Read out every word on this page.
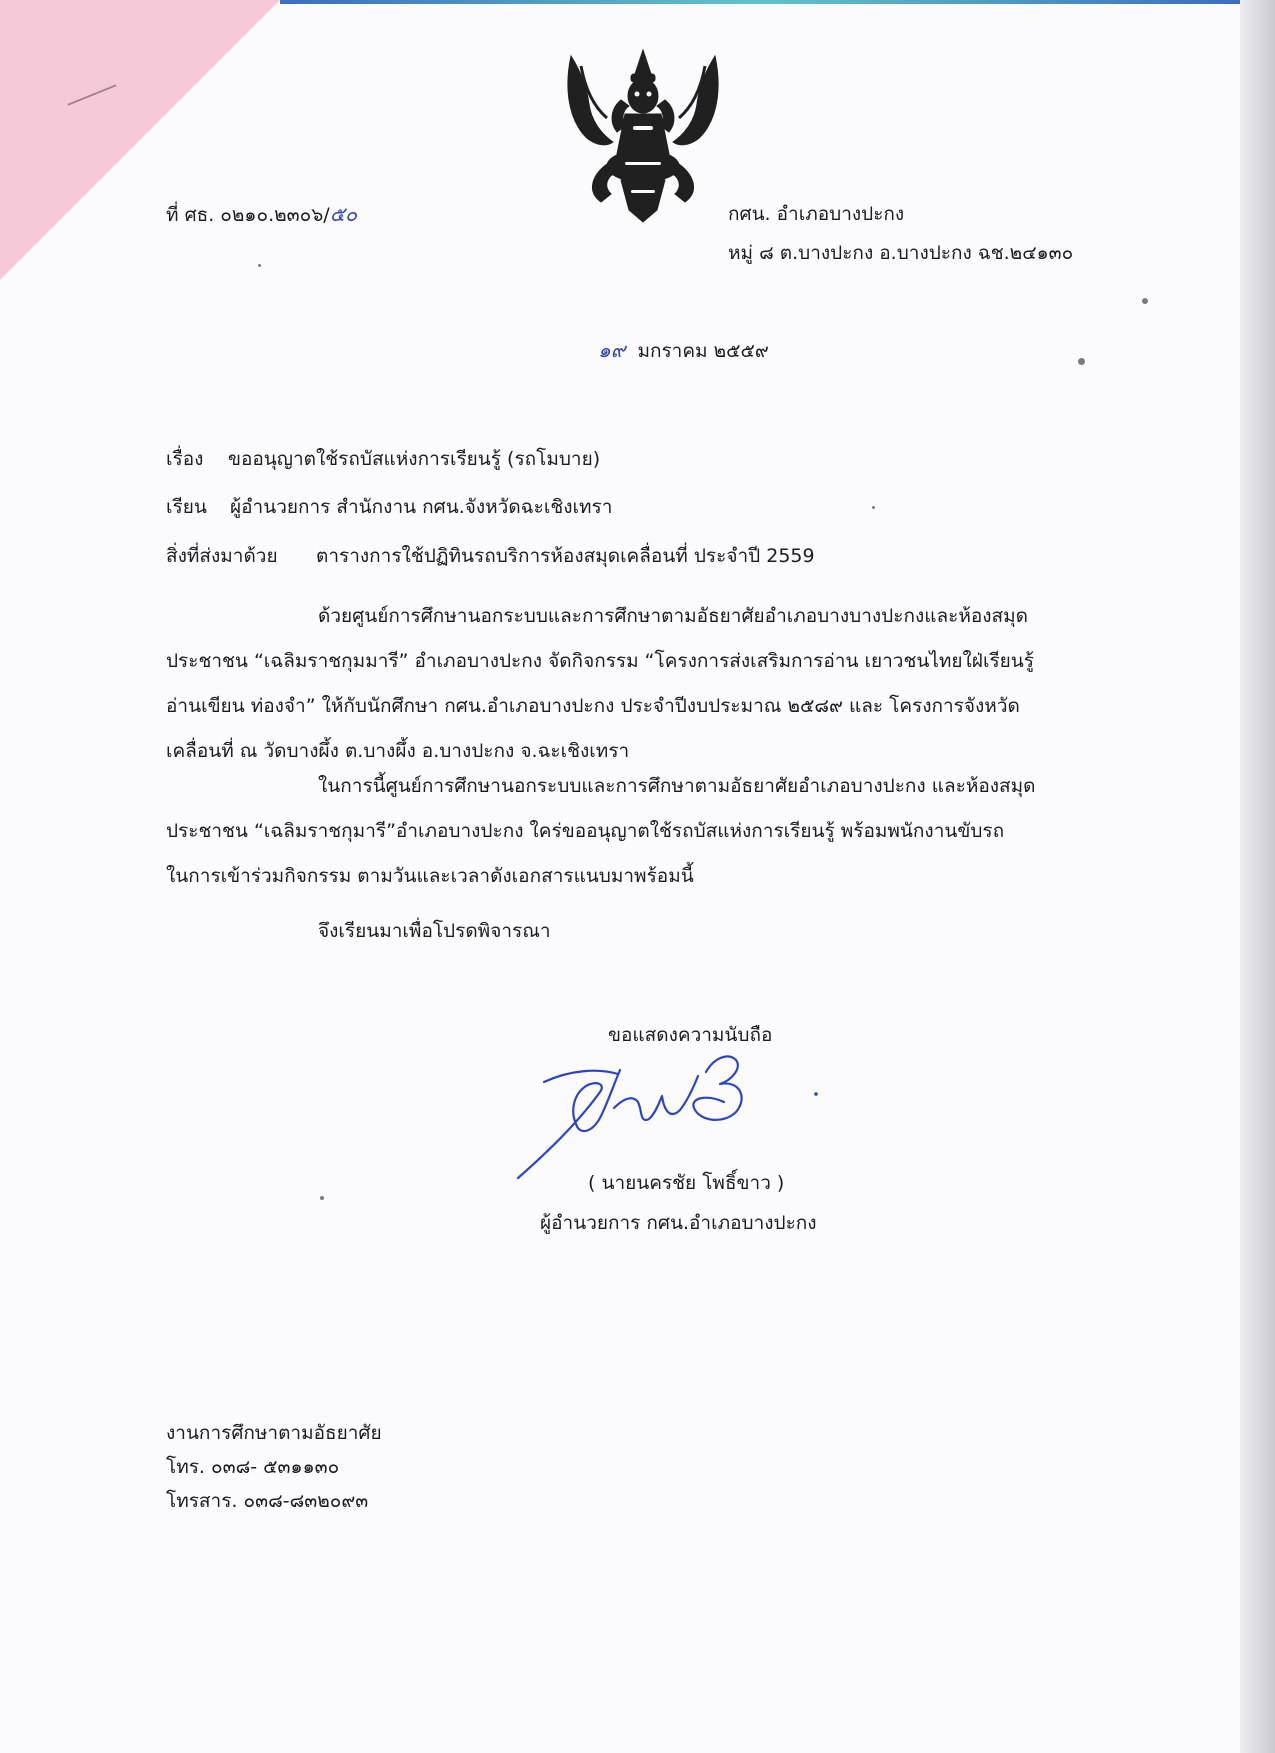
ที่ ศธ. ๐๒๑๐.๒๓๐๖/๕๐	กศน. อำเภอบางปะกง
หมู่ ๘ ต.บางปะกง อ.บางปะกง ฉช.๒๔๑๓๐
๑๙ มกราคม ๒๕๕๙
เรื่อง ขออนุญาตใช้รถบัสแห่งการเรียนรู้ (รถโมบาย)
เรียน ผู้อำนวยการ สำนักงาน กศน.จังหวัดฉะเชิงเทรา
สิ่งที่ส่งมาด้วย ตารางการใช้ปฏิทินรถบริการห้องสมุดเคลื่อนที่ ประจำปี 2559
ด้วยศูนย์การศึกษานอกระบบและการศึกษาตามอัธยาศัยอำเภอบางบางปะกงและห้องสมุด
ประชาชน “เฉลิมราชกุมมารี” อำเภอบางปะกง จัดกิจกรรม “โครงการส่งเสริมการอ่าน เยาวชนไทยใฝ่เรียนรู้
อ่านเขียน ท่องจำ” ให้กับนักศึกษา กศน.อำเภอบางปะกง ประจำปีงบประมาณ ๒๕๘๙ และ โครงการจังหวัด
เคลื่อนที่ ณ วัดบางผึ้ง ต.บางผึ้ง อ.บางปะกง จ.ฉะเชิงเทรา
ในการนี้ศูนย์การศึกษานอกระบบและการศึกษาตามอัธยาศัยอำเภอบางปะกง และห้องสมุด
ประชาชน “เฉลิมราชกุมารี”อำเภอบางปะกง ใคร่ขออนุญาตใช้รถบัสแห่งการเรียนรู้ พร้อมพนักงานขับรถ
ในการเข้าร่วมกิจกรรม ตามวันและเวลาดังเอกสารแนบมาพร้อมนี้
จึงเรียนมาเพื่อโปรดพิจารณา
ขอแสดงความนับถือ
( นายนครชัย โพธิ์ขาว )
ผู้อำนวยการ กศน.อำเภอบางปะกง
งานการศึกษาตามอัธยาศัย
โทร. ๐๓๘- ๕๓๑๑๓๐
โทรสาร. ๐๓๘-๘๓๒๐๙๓
